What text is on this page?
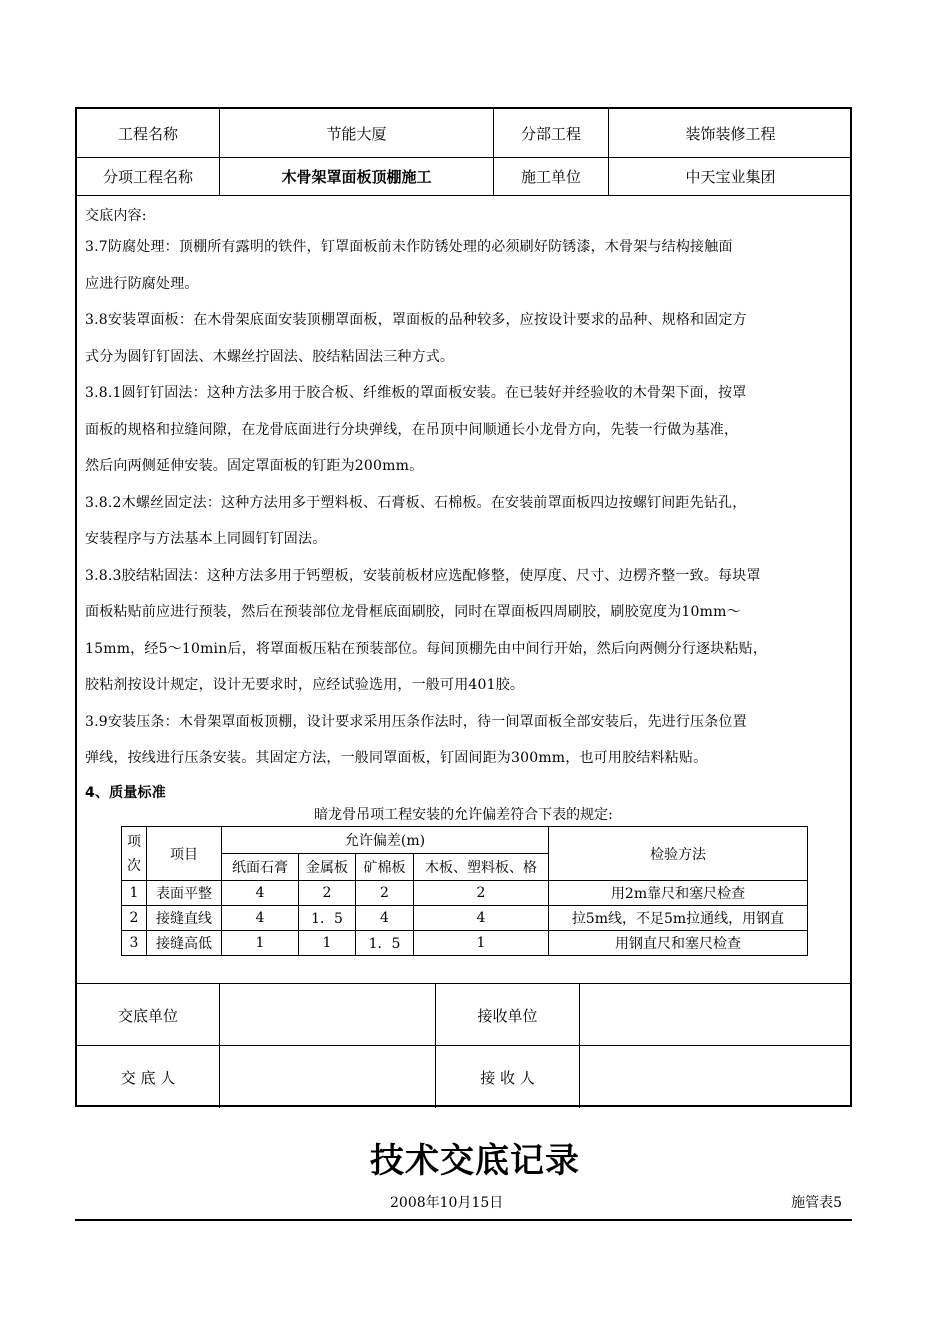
工程名称	节能大厦	分部工程	装饰装修工程
分项工程名称	木骨架罩面板顶棚施工	施工单位	中天宝业集团

交底内容:

3.7防腐处理：顶棚所有露明的铁件，钉罩面板前未作防锈处理的必须刷好防锈漆，木骨架与结构接触面

应进行防腐处理。

3.8安装罩面板：在木骨架底面安装顶棚罩面板，罩面板的品种较多，应按设计要求的品种、规格和固定方

式分为圆钉钉固法、木螺丝拧固法、胶结粘固法三种方式。

3.8.1圆钉钉固法：这种方法多用于胶合板、纤维板的罩面板安装。在已装好并经验收的木骨架下面，按罩

面板的规格和拉缝间隙，在龙骨底面进行分块弹线，在吊顶中间顺通长小龙骨方向，先装一行做为基准，

然后向两侧延伸安装。固定罩面板的钉距为200mm。

3.8.2木螺丝固定法：这种方法用多于塑料板、石膏板、石棉板。在安装前罩面板四边按螺钉间距先钻孔，

安装程序与方法基本上同圆钉钉固法。

3.8.3胶结粘固法：这种方法多用于钙塑板，安装前板材应选配修整，使厚度、尺寸、边楞齐整一致。每块罩

面板粘贴前应进行预装，然后在预装部位龙骨框底面刷胶，同时在罩面板四周刷胶，刷胶宽度为10mm～

15mm，经5～10min后，将罩面板压粘在预装部位。每间顶棚先由中间行开始，然后向两侧分行逐块粘贴，

胶粘剂按设计规定，设计无要求时，应经试验选用，一般可用401胶。

3.9安装压条：木骨架罩面板顶棚，设计要求采用压条作法时，待一间罩面板全部安装后，先进行压条位置

弹线，按线进行压条安装。其固定方法，一般同罩面板，钉固间距为300mm，也可用胶结料粘贴。

4、质量标准

暗龙骨吊项工程安装的允许偏差符合下表的规定:
项次	项目	允许偏差(m)				检验方法
		纸面石膏	金属板	矿棉板	木板、塑料板、格	
1	表面平整	4	2	2	2	用2m靠尺和塞尺检查
2	接缝直线	4	1．5	4	4	拉5m线，不足5m拉通线，用钢直
3	接缝高低	1	1	1．5	1	用钢直尺和塞尺检查
交底单位	接收单位
交 底 人	接 收 人
技术交底记录
2008年10月15日	施管表5
